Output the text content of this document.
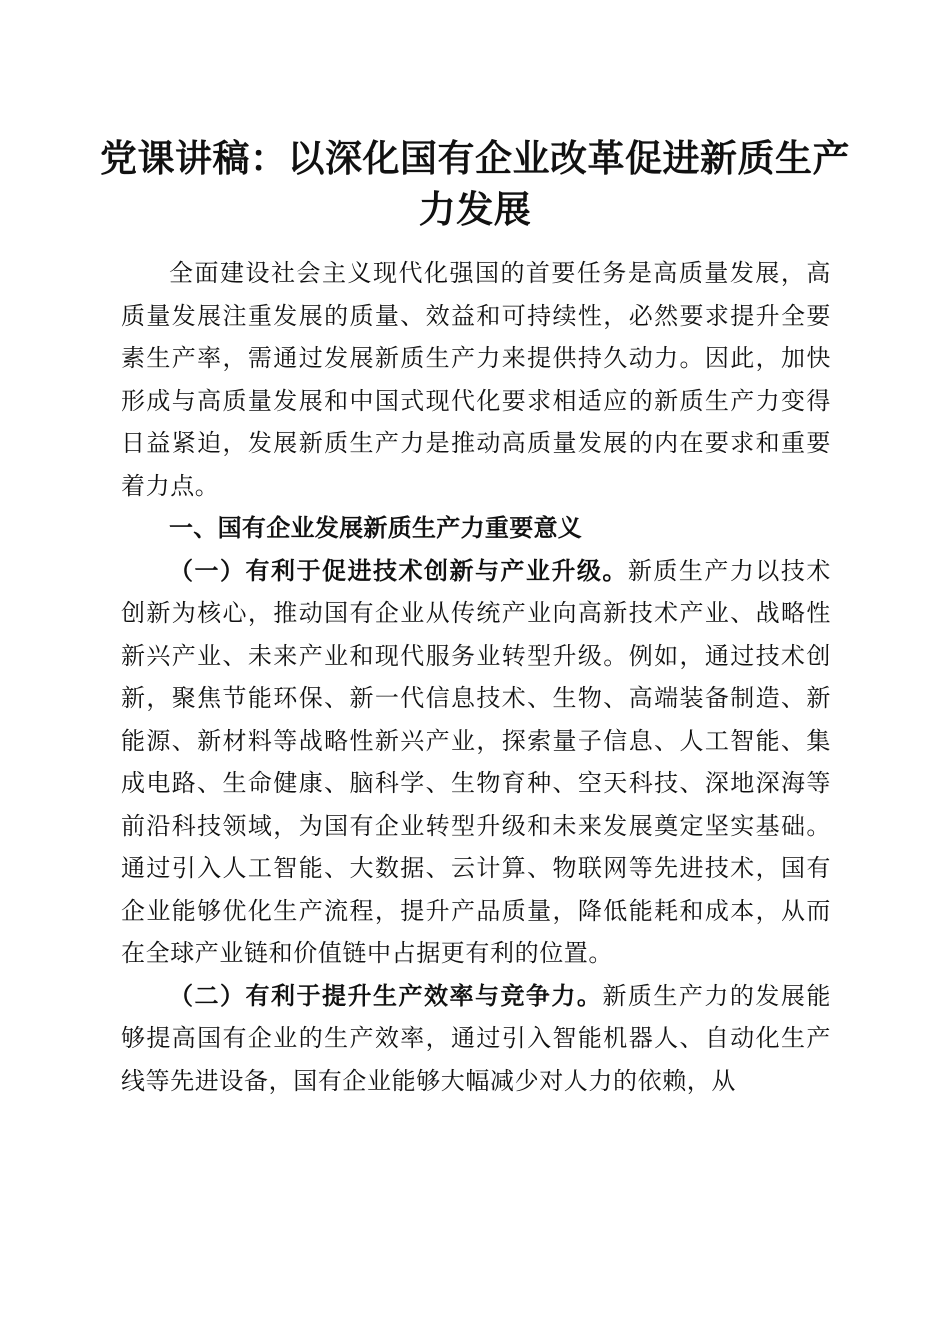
党课讲稿：以深化国有企业改革促进新质生产
力发展

全面建设社会主义现代化强国的首要任务是高质量发展，高质量发展注重发展的质量、效益和可持续性，必然要求提升全要素生产率，需通过发展新质生产力来提供持久动力。因此，加快形成与高质量发展和中国式现代化要求相适应的新质生产力变得日益紧迫，发展新质生产力是推动高质量发展的内在要求和重要着力点。

一、国有企业发展新质生产力重要意义

（一）有利于促进技术创新与产业升级。新质生产力以技术创新为核心，推动国有企业从传统产业向高新技术产业、战略性新兴产业、未来产业和现代服务业转型升级。例如，通过技术创新，聚焦节能环保、新一代信息技术、生物、高端装备制造、新能源、新材料等战略性新兴产业，探索量子信息、人工智能、集成电路、生命健康、脑科学、生物育种、空天科技、深地深海等前沿科技领域，为国有企业转型升级和未来发展奠定坚实基础。通过引入人工智能、大数据、云计算、物联网等先进技术，国有企业能够优化生产流程，提升产品质量，降低能耗和成本，从而在全球产业链和价值链中占据更有利的位置。

（二）有利于提升生产效率与竞争力。新质生产力的发展能够提高国有企业的生产效率，通过引入智能机器人、自动化生产线等先进设备，国有企业能够大幅减少对人力的依赖，从
